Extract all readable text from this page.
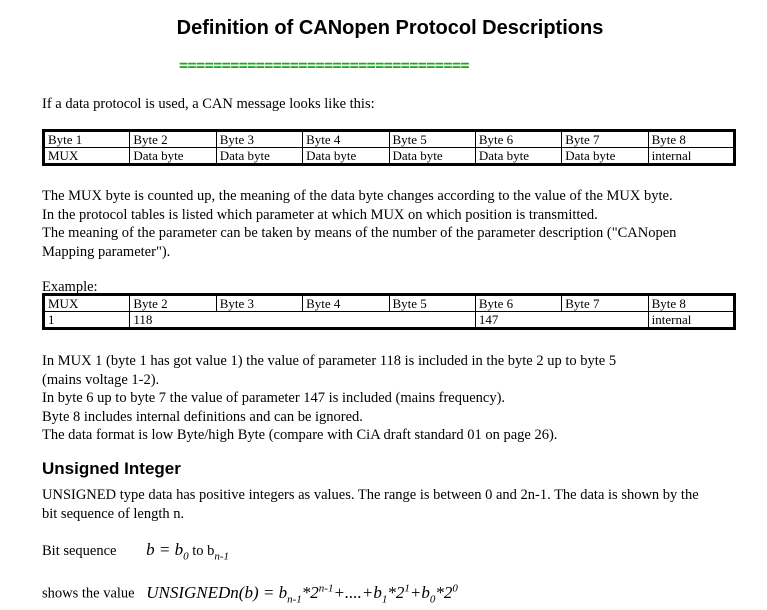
Definition of CANopen Protocol Descriptions
==================================
If a data protocol is used, a CAN message looks like this:
Byte 1	Byte 2	Byte 3	Byte 4	Byte 5	Byte 6	Byte 7	Byte 8
MUX	Data byte	Data byte	Data byte	Data byte	Data byte	Data byte	internal
The MUX byte is counted up, the meaning of the data byte changes according to the value of the MUX byte.
In the protocol tables is listed which parameter at which MUX on which position is transmitted.
The meaning of the parameter can be taken by means of the number of the parameter description ("CANopen
Mapping parameter").
Example:
MUX	Byte 2	Byte 3	Byte 4	Byte 5	Byte 6	Byte 7	Byte 8
1	118				147		internal
In MUX 1 (byte 1 has got value 1) the value of parameter 118 is included in the byte 2 up to byte 5
(mains voltage 1-2).
In byte 6 up to byte 7 the value of parameter 147 is included (mains frequency).
Byte 8 includes internal definitions and can be ignored.
The data format is low Byte/high Byte (compare with CiA draft standard 01 on page 26).
Unsigned Integer
UNSIGNED type data has positive integers as values. The range is between 0 and 2n-1. The data is shown by the
bit sequence of length n.
Bit sequence $b = b_0$ to $b_{n-1}$
shows the value UNSIGNEDn(b) = $b_{n-1}*2^{n-1}+....+b_1*2^1+b_0*2^0$
